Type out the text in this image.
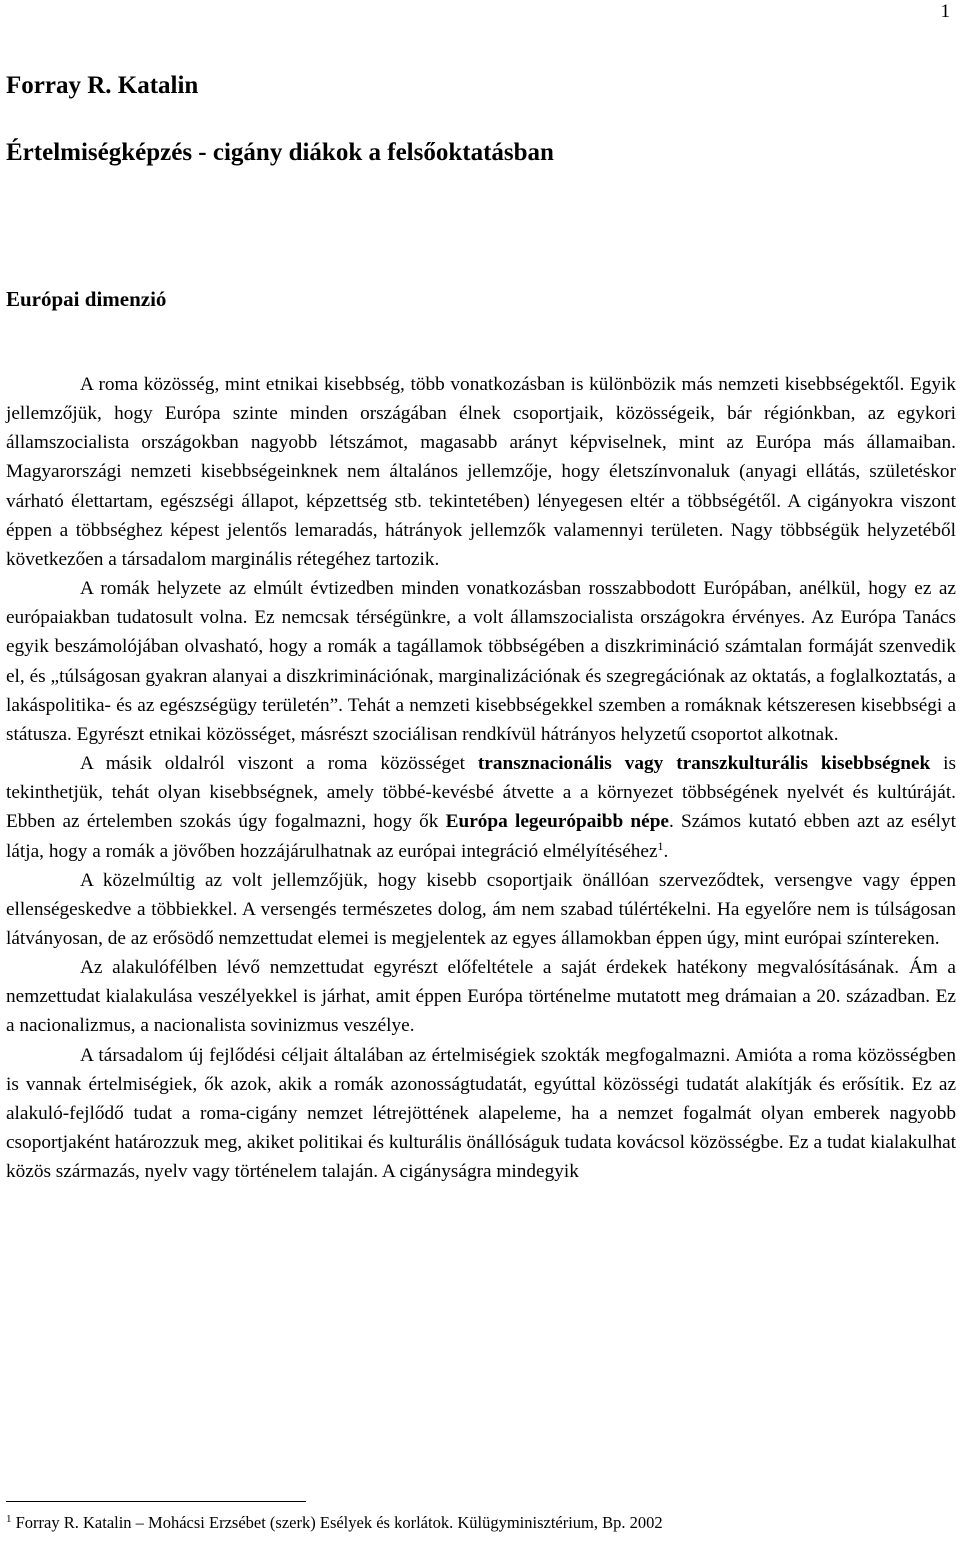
1
Forray R. Katalin
Értelmiségképzés - cigány diákok a felsőoktatásban
Európai dimenzió

A roma közösség, mint etnikai kisebbség, több vonatkozásban is különbözik más nemzeti kisebbségektől. Egyik jellemzőjük, hogy Európa szinte minden országában élnek csoportjaik, közösségeik, bár régiónkban, az egykori államszocialista országokban nagyobb létszámot, magasabb arányt képviselnek, mint az Európa más államaiban. Magyarországi nemzeti kisebbségeinknek nem általános jellemzője, hogy életszínvonaluk (anyagi ellátás, születéskor várható élettartam, egészségi állapot, képzettség stb. tekintetében) lényegesen eltér a többségétől. A cigányokra viszont éppen a többséghez képest jelentős lemaradás, hátrányok jellemzők valamennyi területen. Nagy többségük helyzetéből következően a társadalom marginális rétegéhez tartozik.

A romák helyzete az elmúlt évtizedben minden vonatkozásban rosszabbodott Európában, anélkül, hogy ez az európaiakban tudatosult volna. Ez nemcsak térségünkre, a volt államszocialista országokra érvényes. Az Európa Tanács egyik beszámolójában olvasható, hogy a romák a tagállamok többségében a diszkrimináció számtalan formáját szenvedik el, és „túlságosan gyakran alanyai a diszkriminációnak, marginalizációnak és szegregációnak az oktatás, a foglalkoztatás, a lakáspolitika- és az egészségügy területén”. Tehát a nemzeti kisebbségekkel szemben a romáknak kétszeresen kisebbségi a státusza. Egyrészt etnikai közösséget, másrészt szociálisan rendkívül hátrányos helyzetű csoportot alkotnak.

A másik oldalról viszont a roma közösséget transznacionális vagy transzkulturális kisebbségnek is tekinthetjük, tehát olyan kisebbségnek, amely többé-kevésbé átvette a a környezet többségének nyelvét és kultúráját. Ebben az értelemben szokás úgy fogalmazni, hogy ők Európa legeurópaibb népe. Számos kutató ebben azt az esélyt látja, hogy a romák a jövőben hozzájárulhatnak az európai integráció elmélyítéséhez$^1$.

A közelmúltig az volt jellemzőjük, hogy kisebb csoportjaik önállóan szerveződtek, versengve vagy éppen ellenségeskedve a többiekkel. A versengés természetes dolog, ám nem szabad túlértékelni. Ha egyelőre nem is túlságosan látványosan, de az erősödő nemzettudat elemei is megjelentek az egyes államokban éppen úgy, mint európai színtereken.

Az alakulófélben lévő nemzettudat egyrészt előfeltétele a saját érdekek hatékony megvalósításának. Ám a nemzettudat kialakulása veszélyekkel is járhat, amit éppen Európa történelme mutatott meg drámaian a 20. században. Ez a nacionalizmus, a nacionalista sovinizmus veszélye.

A társadalom új fejlődési céljait általában az értelmiségiek szokták megfogalmazni. Amióta a roma közösségben is vannak értelmiségiek, ők azok, akik a romák azonosságtudatát, egyúttal közösségi tudatát alakítják és erősítik. Ez az alakuló-fejlődő tudat a roma-cigány nemzet létrejöttének alapeleme, ha a nemzet fogalmát olyan emberek nagyobb csoportjaként határozzuk meg, akiket politikai és kulturális önállóságuk tudata kovácsol közösségbe. Ez a tudat kialakulhat közös származás, nyelv vagy történelem talaján. A cigányságra mindegyik

$^1$ Forray R. Katalin – Mohácsi Erzsébet (szerk) Esélyek és korlátok. Külügyminisztérium, Bp. 2002
